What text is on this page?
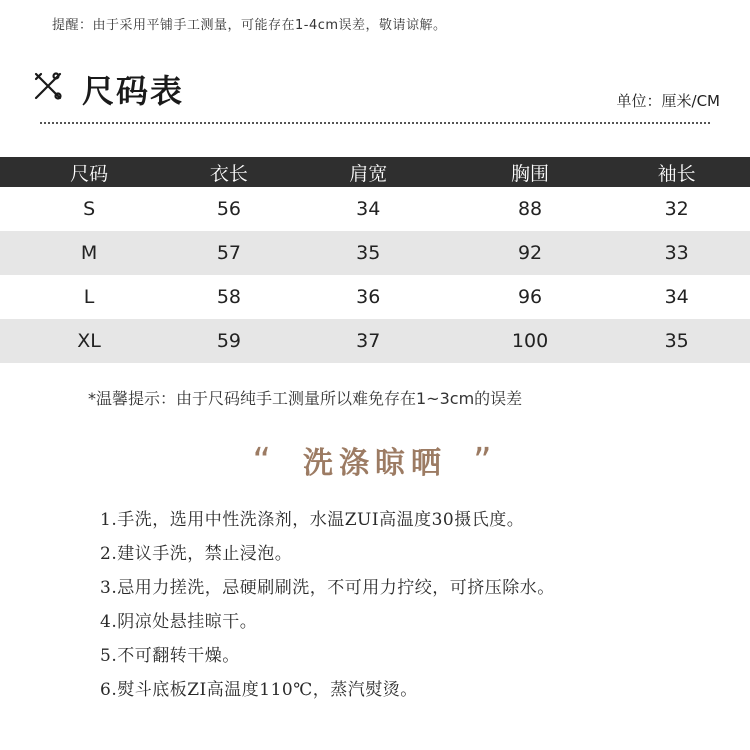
提醒：由于采用平铺手工测量，可能存在1-4cm误差，敬请谅解。
尺码表	单位：厘米/CM
尺码	衣长	肩宽	胸围	袖长
S	56	34	88	32
M	57	35	92	33
L	58	36	96	34
XL	59	37	100	35
*温馨提示：由于尺码纯手工测量所以难免存在1~3cm的误差
“ 洗涤晾晒 ”
1.手洗，选用中性洗涤剂，水温ZUI高温度30摄氏度。
2.建议手洗，禁止浸泡。
3.忌用力搓洗，忌硬刷刷洗，不可用力拧绞，可挤压除水。
4.阴凉处悬挂晾干。
5.不可翻转干燥。
6.熨斗底板ZI高温度110℃，蒸汽熨烫。
